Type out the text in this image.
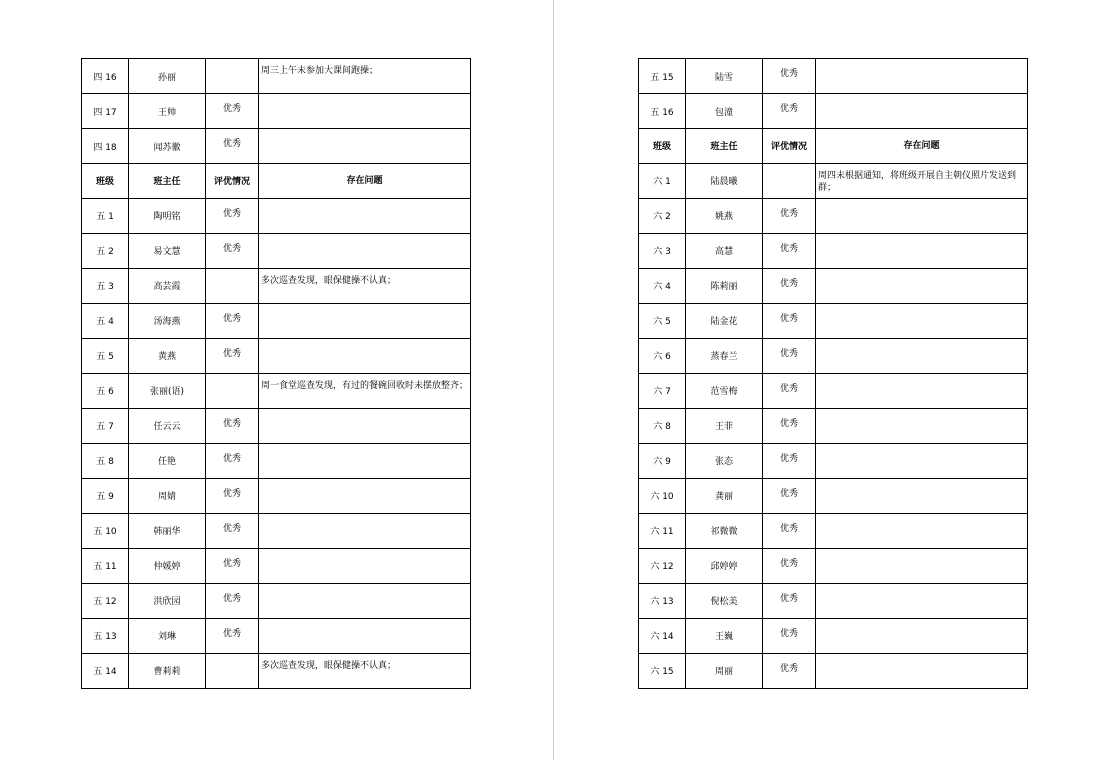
四 16	孙丽		周三上午未参加大课间跑操；
四 17	王帅	优秀	
四 18	闻苏徽	优秀	
班级	班主任	评优情况	存在问题
五 1	陶明铭	优秀	
五 2	易文慧	优秀	
五 3	高芸霞		多次巡查发现，眼保健操不认真；
五 4	汤海燕	优秀	
五 5	黄燕	优秀	
五 6	张丽(语)		周一食堂巡查发现，有过的餐碗回收时未摆放整齐；
五 7	任云云	优秀	
五 8	任艳	优秀	
五 9	周婧	优秀	
五 10	韩丽华	优秀	
五 11	仲媛婷	优秀	
五 12	洪欣园	优秀	
五 13	刘琳	优秀	
五 14	曹莉莉		多次巡查发现，眼保健操不认真；
五 15	陆雪	优秀	
五 16	包潼	优秀	
班级	班主任	评优情况	存在问题
六 1	陆晨曦		周四未根据通知，将班级开展自主朝仪照片发送到群；
六 2	姚燕	优秀	
六 3	高慧	优秀	
六 4	陈莉丽	优秀	
六 5	陆金花	优秀	
六 6	蒸春兰	优秀	
六 7	范雪梅	优秀	
六 8	王菲	优秀	
六 9	张态	优秀	
六 10	龚丽	优秀	
六 11	祁微微	优秀	
六 12	邱婷婷	优秀	
六 13	倪松美	优秀	
六 14	王巍	优秀	
六 15	周丽	优秀	
